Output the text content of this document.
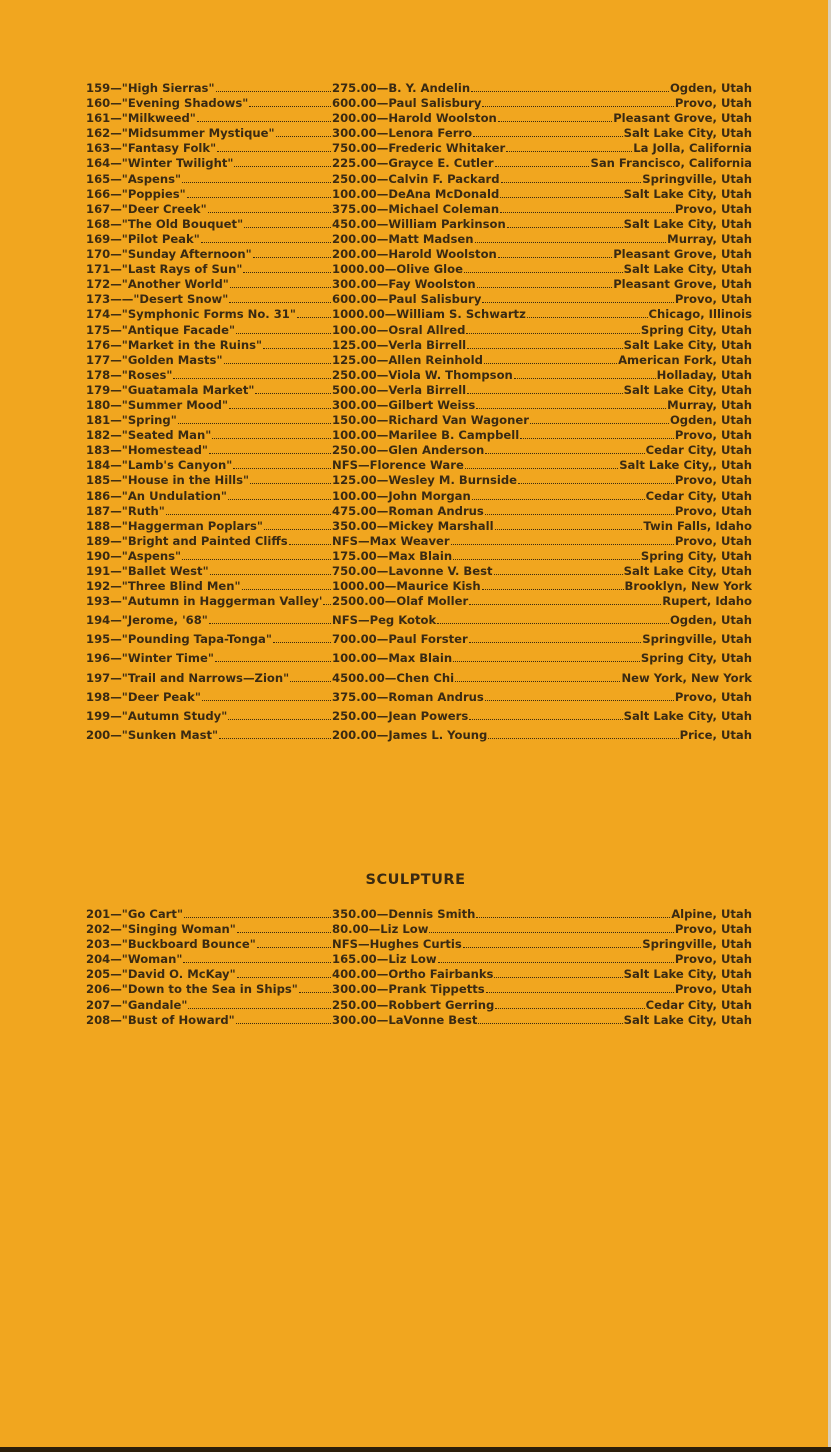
159—"High Sierras"	275.00—B. Y. Andelin	Ogden, Utah
160—"Evening Shadows"	600.00—Paul Salisbury	Provo, Utah
161—"Milkweed"	200.00—Harold Woolston	Pleasant Grove, Utah
162—"Midsummer Mystique"	300.00—Lenora Ferro	Salt Lake City, Utah
163—"Fantasy Folk"	750.00—Frederic Whitaker	La Jolla, California
164—"Winter Twilight"	225.00—Grayce E. Cutler	San Francisco, California
165—"Aspens"	250.00—Calvin F. Packard	Springville, Utah
166—"Poppies"	100.00—DeAna McDonald	Salt Lake City, Utah
167—"Deer Creek"	375.00—Michael Coleman	Provo, Utah
168—"The Old Bouquet"	450.00—William Parkinson	Salt Lake City, Utah
169—"Pilot Peak"	200.00—Matt Madsen	Murray, Utah
170—"Sunday Afternoon"	200.00—Harold Woolston	Pleasant Grove, Utah
171—"Last Rays of Sun"	1000.00—Olive Gloe	Salt Lake City, Utah
172—"Another World"	300.00—Fay Woolston	Pleasant Grove, Utah
173——"Desert Snow"	600.00—Paul Salisbury	Provo, Utah
174—"Symphonic Forms No. 31"	1000.00—William S. Schwartz	Chicago, Illinois
175—"Antique Facade"	100.00—Osral Allred	Spring City, Utah
176—"Market in the Ruins"	125.00—Verla Birrell	Salt Lake City, Utah
177—"Golden Masts"	125.00—Allen Reinhold	American Fork, Utah
178—"Roses"	250.00—Viola W. Thompson	Holladay, Utah
179—"Guatamala Market"	500.00—Verla Birrell	Salt Lake City, Utah
180—"Summer Mood"	300.00—Gilbert Weiss	Murray, Utah
181—"Spring"	150.00—Richard Van Wagoner	Ogden, Utah
182—"Seated Man"	100.00—Marilee B. Campbell	Provo, Utah
183—"Homestead"	250.00—Glen Anderson	Cedar City, Utah
184—"Lamb's Canyon"	NFS—Florence Ware	Salt Lake City,, Utah
185—"House in the Hills"	125.00—Wesley M. Burnside	Provo, Utah
186—"An Undulation"	100.00—John Morgan	Cedar City, Utah
187—"Ruth"	475.00—Roman Andrus	Provo, Utah
188—"Haggerman Poplars"	350.00—Mickey Marshall	Twin Falls, Idaho
189—"Bright and Painted Cliffs	NFS—Max Weaver	Provo, Utah
190—"Aspens"	175.00—Max Blain	Spring City, Utah
191—"Ballet West"	750.00—Lavonne V. Best	Salt Lake City, Utah
192—"Three Blind Men"	1000.00—Maurice Kish	Brooklyn, New York
193—"Autumn in Haggerman Valley' 2500.00—Olaf Moller	Rupert, Idaho
194—"Jerome, '68"	NFS—Peg Kotok	Ogden, Utah
195—"Pounding Tapa-Tonga"	700.00—Paul Forster	Springville, Utah
196—"Winter Time"	100.00—Max Blain	Spring City, Utah
197—"Trail and Narrows—Zion"	4500.00—Chen Chi	New York, New York
198—"Deer Peak"	375.00—Roman Andrus	Provo, Utah
199—"Autumn Study"	250.00—Jean Powers	Salt Lake City, Utah
200—"Sunken Mast"	200.00—James L. Young	Price, Utah
SCULPTURE
201—"Go Cart"	350.00—Dennis Smith	Alpine, Utah
202—"Singing Woman"	80.00—Liz Low	Provo, Utah
203—"Buckboard Bounce"	NFS—Hughes Curtis	Springville, Utah
204—"Woman"	165.00—Liz Low	Provo, Utah
205—"David O. McKay"	400.00—Ortho Fairbanks	Salt Lake City, Utah
206—"Down to the Sea in Ships"	300.00—Prank Tippetts	Provo, Utah
207—"Gandale"	250.00—Robbert Gerring	Cedar City, Utah
208—"Bust of Howard"	300.00—LaVonne Best	Salt Lake City, Utah
